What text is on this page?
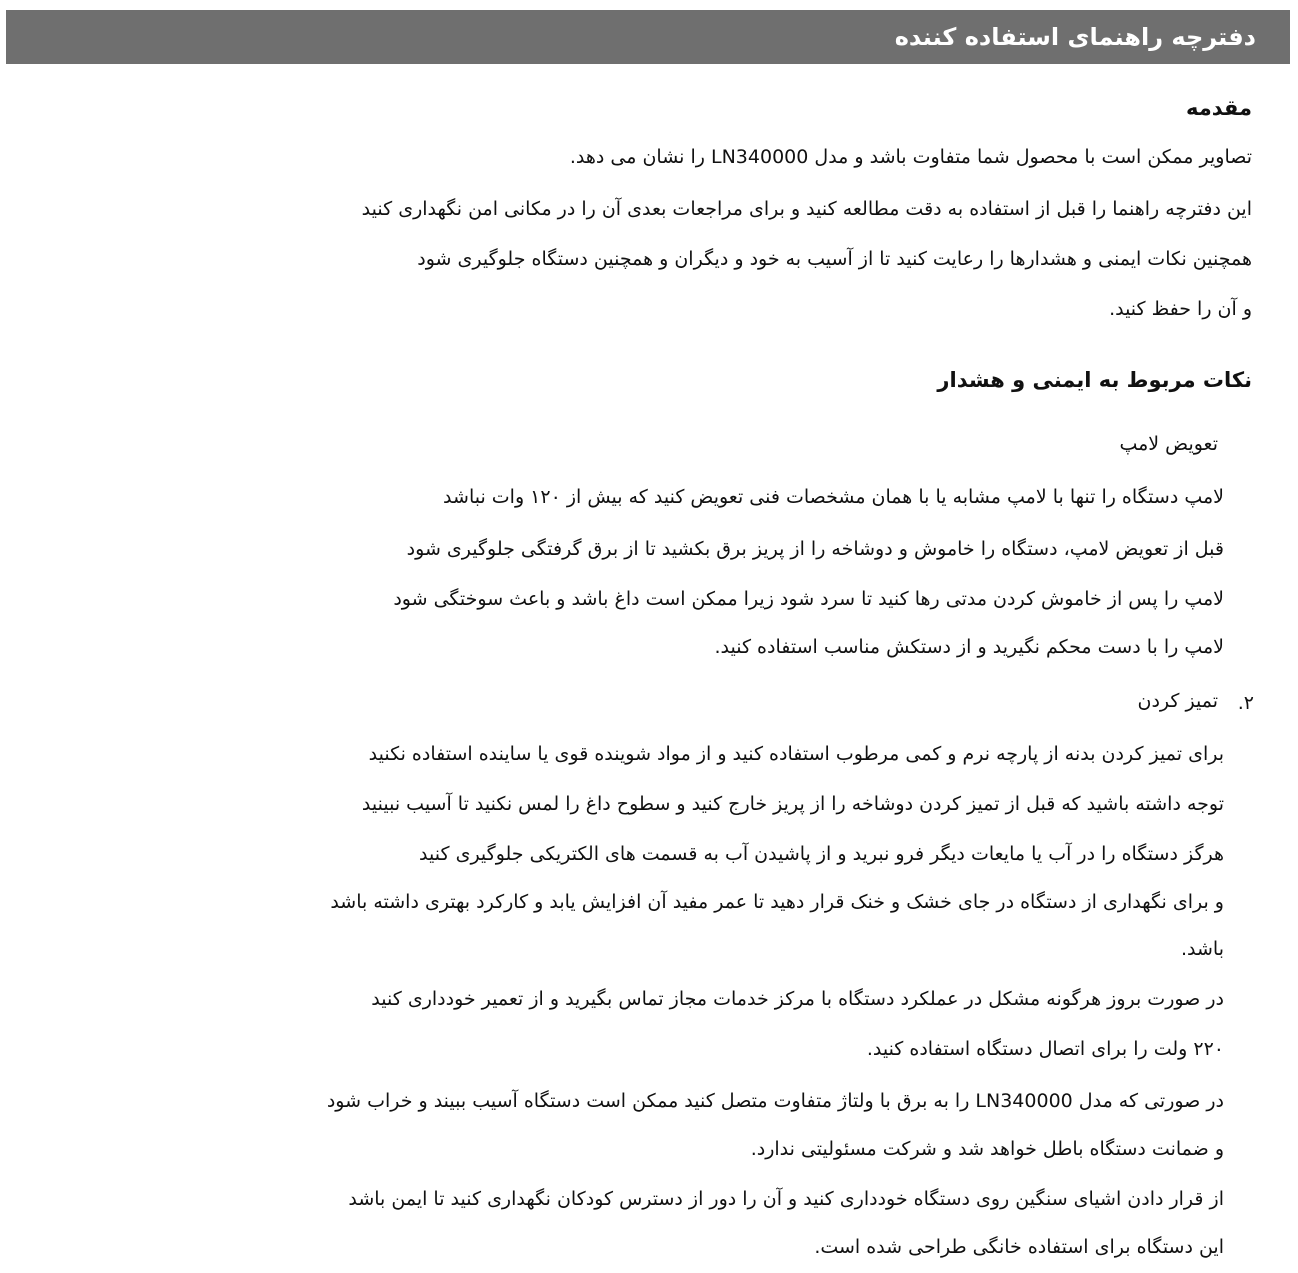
دفترچه راهنمای استفاده کننده
مقدمه
تصاویر ممکن است با محصول شما متفاوت باشد و مدل LN340000 را نشان می دهد.
این دفترچه راهنما را قبل از استفاده به دقت مطالعه کنید و برای مراجعات بعدی آن را در مکانی امن نگهداری کنید
همچنین نکات ایمنی و هشدارها را رعایت کنید تا از آسیب به خود و دیگران و همچنین دستگاه جلوگیری شود
و آن را حفظ کنید.
نکات مربوط به ایمنی و هشدار
تعویض لامپ
لامپ دستگاه را تنها با لامپ مشابه یا با همان مشخصات فنی تعویض کنید که بیش از ۱۲۰ وات نباشد
قبل از تعویض لامپ، دستگاه را خاموش و دوشاخه را از پریز برق بکشید تا از برق گرفتگی جلوگیری شود
لامپ را پس از خاموش کردن مدتی رها کنید تا سرد شود زیرا ممکن است داغ باشد و باعث سوختگی شود
لامپ را با دست محکم نگیرید و از دستکش مناسب استفاده کنید.
۲.
تمیز کردن
برای تمیز کردن بدنه از پارچه نرم و کمی مرطوب استفاده کنید و از مواد شوینده قوی یا ساینده استفاده نکنید
توجه داشته باشید که قبل از تمیز کردن دوشاخه را از پریز خارج کنید و سطوح داغ را لمس نکنید تا آسیب نبینید
هرگز دستگاه را در آب یا مایعات دیگر فرو نبرید و از پاشیدن آب به قسمت های الکتریکی جلوگیری کنید
و برای نگهداری از دستگاه در جای خشک و خنک قرار دهید تا عمر مفید آن افزایش یابد و کارکرد بهتری داشته باشد
باشد.
در صورت بروز هرگونه مشکل در عملکرد دستگاه با مرکز خدمات مجاز تماس بگیرید و از تعمیر خودداری کنید
۲۲۰ ولت را برای اتصال دستگاه استفاده کنید.
در صورتی که مدل LN340000 را به برق با ولتاژ متفاوت متصل کنید ممکن است دستگاه آسیب ببیند و خراب شود
و ضمانت دستگاه باطل خواهد شد و شرکت مسئولیتی ندارد.
از قرار دادن اشیای سنگین روی دستگاه خودداری کنید و آن را دور از دسترس کودکان نگهداری کنید تا ایمن باشد
این دستگاه برای استفاده خانگی طراحی شده است.
